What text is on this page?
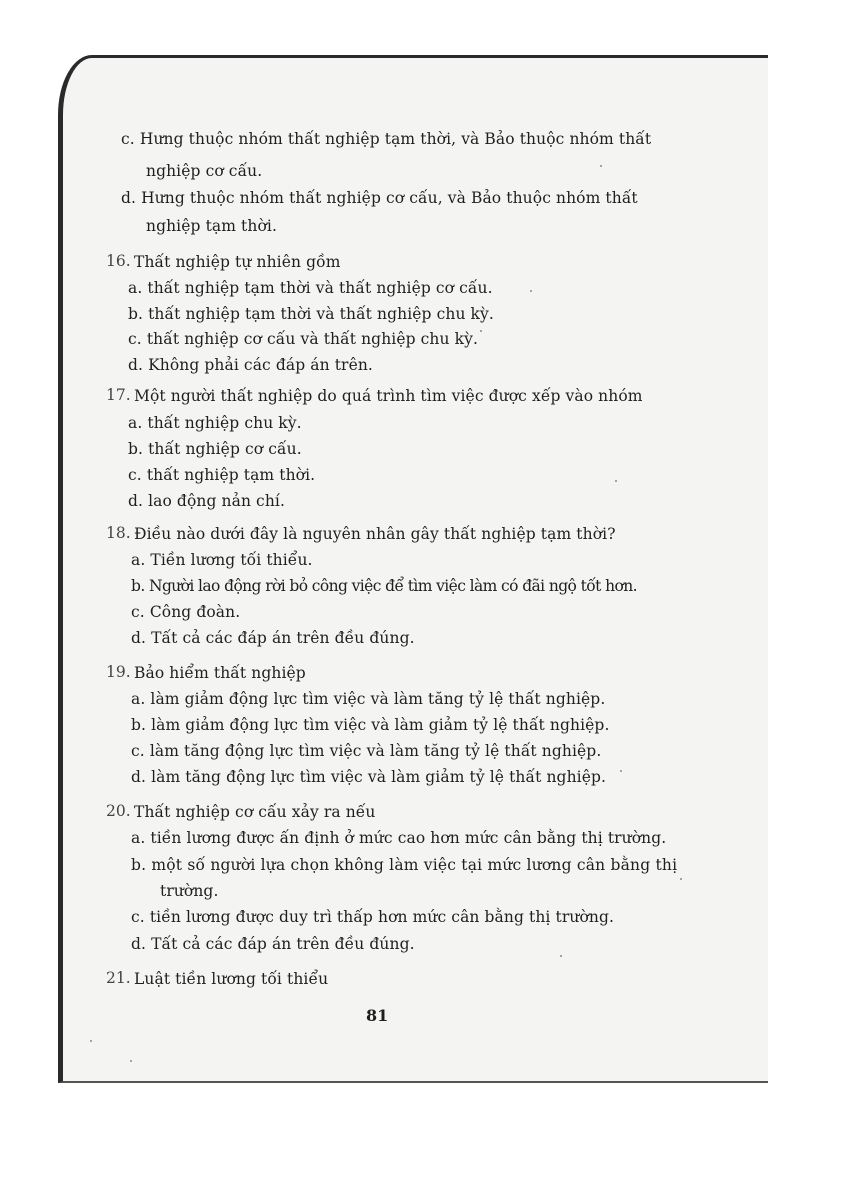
c. Hưng thuộc nhóm thất nghiệp tạm thời, và Bảo thuộc nhóm thất
nghiệp cơ cấu.
d. Hưng thuộc nhóm thất nghiệp cơ cấu, và Bảo thuộc nhóm thất
nghiệp tạm thời.
16. Thất nghiệp tự nhiên gồm
a. thất nghiệp tạm thời và thất nghiệp cơ cấu.
b. thất nghiệp tạm thời và thất nghiệp chu kỳ.
c. thất nghiệp cơ cấu và thất nghiệp chu kỳ.
d. Không phải các đáp án trên.
17. Một người thất nghiệp do quá trình tìm việc được xếp vào nhóm
a. thất nghiệp chu kỳ.
b. thất nghiệp cơ cấu.
c. thất nghiệp tạm thời.
d. lao động nản chí.
18. Điều nào dưới đây là nguyên nhân gây thất nghiệp tạm thời?
a. Tiền lương tối thiểu.
b. Người lao động rời bỏ công việc để tìm việc làm có đãi ngộ tốt hơn.
c. Công đoàn.
d. Tất cả các đáp án trên đều đúng.
19. Bảo hiểm thất nghiệp
a. làm giảm động lực tìm việc và làm tăng tỷ lệ thất nghiệp.
b. làm giảm động lực tìm việc và làm giảm tỷ lệ thất nghiệp.
c. làm tăng động lực tìm việc và làm tăng tỷ lệ thất nghiệp.
d. làm tăng động lực tìm việc và làm giảm tỷ lệ thất nghiệp.
20. Thất nghiệp cơ cấu xảy ra nếu
a. tiền lương được ấn định ở mức cao hơn mức cân bằng thị trường.
b. một số người lựa chọn không làm việc tại mức lương cân bằng thị
trường.
c. tiền lương được duy trì thấp hơn mức cân bằng thị trường.
d. Tất cả các đáp án trên đều đúng.
21. Luật tiền lương tối thiểu
81
